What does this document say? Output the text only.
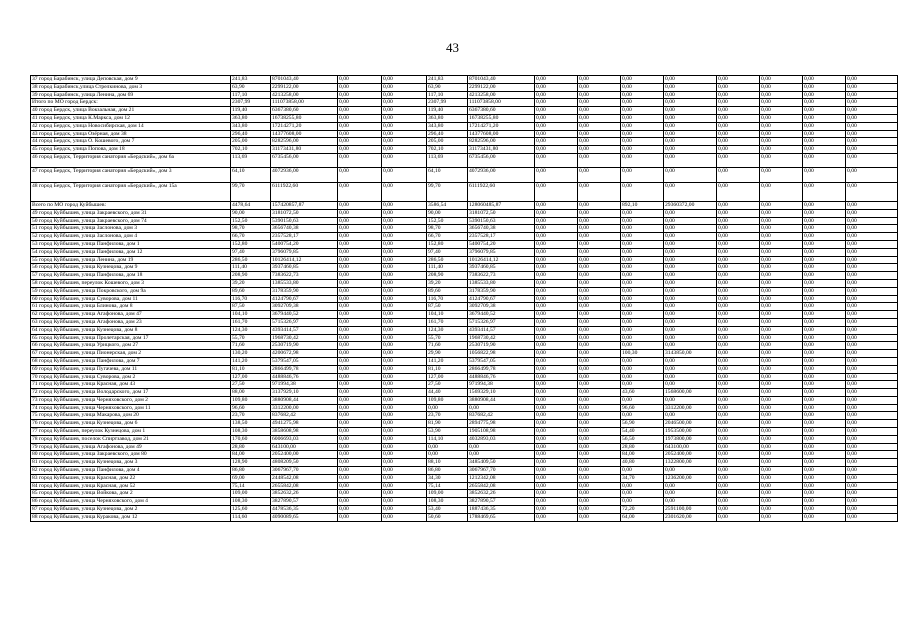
43
37 город Барабинск, улица Деповская, дом 9	241,83	8701043,40	0,00	0,00	241,83	8701043,40	0,00	0,00	0,00	0,00	0,00	0,00	0,00	0,00
38 город Барабинск,улица Стрелкинова, дом 3	63,90	2299122,00	0,00	0,00	63,90	2299122,00	0,00	0,00	0,00	0,00	0,00	0,00	0,00	0,00
39 город Барабинск, улица Ленина, дом 69	117,10	4213258,00	0,00	0,00	117,10	4213258,00	0,00	0,00	0,00	0,00	0,00	0,00	0,00	0,00
Итого по МО город Бердск:	2307,99	111073858,00	0,00	0,00	2307,99	111073858,00	0,00	0,00	0,00	0,00	0,00	0,00	0,00	0,00
40 город Бердск, улица Вокзальная, дом 21	119,40	6367380,60	0,00	0,00	119,40	6367380,60	0,00	0,00	0,00	0,00	0,00	0,00	0,00	0,00
41 город Бердск, улица К.Маркса, дом 12	363,80	16738255,80	0,00	0,00	363,80	16738255,80	0,00	0,00	0,00	0,00	0,00	0,00	0,00	0,00
42 город Бердск, улица Новосибирская, дом 14	343,80	17214271,20	0,00	0,00	343,80	17214271,20	0,00	0,00	0,00	0,00	0,00	0,00	0,00	0,00
43 город Бердск, улица Озёрная, дом 38	296,40	14377608,00	0,00	0,00	296,40	14377608,00	0,00	0,00	0,00	0,00	0,00	0,00	0,00	0,00
44 город Бердск, улица О. Кошевого, дом 7	205,00	8282596,00	0,00	0,00	205,00	8282596,00	0,00	0,00	0,00	0,00	0,00	0,00	0,00	0,00
45 город Бердск, улица Попова, дом 18	702,10	31173431,80	0,00	0,00	702,10	31173431,80	0,00	0,00	0,00	0,00	0,00	0,00	0,00	0,00
46 город Бердск, Территория санатория «Бердский», дом 6а	113,69	6735456,00	0,00	0,00	113,69	6735456,00	0,00	0,00	0,00	0,00	0,00	0,00	0,00	0,00
47 город Бердск, Территория санатория «Бердский», дом 3	64,10	4072936,00	0,00	0,00	64,10	4072936,00	0,00	0,00	0,00	0,00	0,00	0,00	0,00	0,00
48 город Бердск, Территория санатория «Бердский», дом 15а	99,70	6111922,60	0,00	0,00	99,70	6111922,60	0,00	0,00	0,00	0,00	0,00	0,00	0,00	0,00
Всего по МО город Куйбышев:	4478,64	157420857,87	0,00	0,00	3586,54	128060485,87	0,00	0,00	892,10	29360372,00	0,00	0,00	0,00	0,00
49 город Куйбышев, улица Закраевского, дом 31	90,00	3181072,50	0,00	0,00	90,00	3181072,50	0,00	0,00	0,00	0,00	0,00	0,00	0,00	0,00
50 город Куйбышев, улица Закраевского, дом 74	152,50	5390150,63	0,00	0,00	152,50	5390150,63	0,00	0,00	0,00	0,00	0,00	0,00	0,00	0,00
51 город Куйбышев, улица Заслонова, дом 3	98,70	3656740,38	0,00	0,00	98,70	3656740,38	0,00	0,00	0,00	0,00	0,00	0,00	0,00	0,00
52 город Куйбышев, улица Заслонова, дом 4	66,70	2357528,17	0,00	0,00	66,70	2357528,17	0,00	0,00	0,00	0,00	0,00	0,00	0,00	0,00
53 город Куйбышев, улица Панфилова, дом 1	152,80	5400754,20	0,00	0,00	152,80	5400754,20	0,00	0,00	0,00	0,00	0,00	0,00	0,00	0,00
54 город Куйбышев, улица Панфилова, дом 12	97,40	3796079,85	0,00	0,00	97,40	3796079,85	0,00	0,00	0,00	0,00	0,00	0,00	0,00	0,00
55 город Куйбышев, улица Ленина, дом 19	286,50	10126414,12	0,00	0,00	286,50	10126414,12	0,00	0,00	0,00	0,00	0,00	0,00	0,00	0,00
56 город Куйбышев, улица Кузнецова, дом 9	111,40	3937460,85	0,00	0,00	111,40	3937460,85	0,00	0,00	0,00	0,00	0,00	0,00	0,00	0,00
57 город Куйбышев, улица Панфилова, дом 18	208,90	7383622,73	0,00	0,00	208,90	7383622,73	0,00	0,00	0,00	0,00	0,00	0,00	0,00	0,00
58 город Куйбышев, переулок Кошевого, дом 3	39,20	1385533,80	0,00	0,00	39,20	1385533,80	0,00	0,00	0,00	0,00	0,00	0,00	0,00	0,00
59 город Куйбышев, улица Покровского, дом 9а	89,60	3178359,90	0,00	0,00	89,60	3178359,90	0,00	0,00	0,00	0,00	0,00	0,00	0,00	0,00
60 город Куйбышев, улица Суворова, дом 11	116,70	4124790,67	0,00	0,00	116,70	4124790,67	0,00	0,00	0,00	0,00	0,00	0,00	0,00	0,00
61 город Куйбышев, улица Блинова, дом 8	87,50	3092709,38	0,00	0,00	87,50	3092709,38	0,00	0,00	0,00	0,00	0,00	0,00	0,00	0,00
62 город Куйбышев, улица Агафонова, дом 47	104,10	3679440,52	0,00	0,00	104,10	3679440,52	0,00	0,00	0,00	0,00	0,00	0,00	0,00	0,00
63 город Куйбышев, улица Агафонова, дом 23	161,70	5715326,97	0,00	0,00	161,70	5715326,97	0,00	0,00	0,00	0,00	0,00	0,00	0,00	0,00
64 город Куйбышев, улица Кузнецова, дом 8	124,30	4393414,57	0,00	0,00	124,30	4393414,57	0,00	0,00	0,00	0,00	0,00	0,00	0,00	0,00
65 город Куйбышев, улица Пролетарская, дом 17	55,70	1968730,42	0,00	0,00	55,70	1968730,42	0,00	0,00	0,00	0,00	0,00	0,00	0,00	0,00
66 город Куйбышев, улица Урицкого, дом 27	71,60	2530719,90	0,00	0,00	71,60	2530719,90	0,00	0,00	0,00	0,00	0,00	0,00	0,00	0,00
67 город Куйбышев, улица Пионерская, дом 2	130,20	4200672,98	0,00	0,00	29,90	1056822,98	0,00	0,00	100,30	3143850,00	0,00	0,00	0,00	0,00
68 город Куйбышев, улица Панфилова, дом 7	141,20	5379547,05	0,00	0,00	141,20	5379547,05	0,00	0,00	0,00	0,00	0,00	0,00	0,00	0,00
69 город Куйбышев, улица Пугачева, дом 11	81,10	2866499,78	0,00	0,00	81,10	2866499,78	0,00	0,00	0,00	0,00	0,00	0,00	0,00	0,00
70 город Куйбышев, улица Суворова, дом 2	127,00	4488846,76	0,00	0,00	127,00	4488846,76	0,00	0,00	0,00	0,00	0,00	0,00	0,00	0,00
71 город Куйбышев, улица Красная, дом 43	27,50	971994,38	0,00	0,00	27,50	971994,38	0,00	0,00	0,00	0,00	0,00	0,00	0,00	0,00
72 город Куйбышев, улица Володарского, дом 17	88,00	3137929,10	0,00	0,00	44,40	1569329,10	0,00	0,00	43,60	1568600,00	0,00	0,00	0,00	0,00
73 город Куйбышев, улица Черняховского, дом 2	109,80	3880908,44	0,00	0,00	109,80	3880908,44	0,00	0,00	0,00	0,00	0,00	0,00	0,00	0,00
74 город Куйбышев, улица Черняховского, дом 11	96,60	3312200,00	0,00	0,00	0,00	0,00	0,00	0,00	96,60	3312200,00	0,00	0,00	0,00	0,00
75 город Куйбышев, улица Макарова, дом 20	23,70	837682,42	0,00	0,00	23,70	837682,42	0,00	0,00	0,00	0,00	0,00	0,00	0,00	0,00
76 город Куйбышев, улица Кузнецова, дом 6	138,50	4941275,98	0,00	0,00	81,90	2894775,98	0,00	0,00	56,90	2046500,00	0,00	0,00	0,00	0,00
77 город Куйбышев, переулок Кузнецова, дом 1	108,30	3858608,98	0,00	0,00	53,90	1905108,98	0,00	0,00	54,40	1953500,00	0,00	0,00	0,00	0,00
78 город Куйбышев, поселок Спиртзавод, дом 21	170,60	6006693,03	0,00	0,00	114,10	4032893,03	0,00	0,00	56,50	1973800,00	0,00	0,00	0,00	0,00
79 город Куйбышев, улица Агафонова, дом 49	28,80	643100,00	0,00	0,00	0,00	0,00	0,00	0,00	28,80	643100,00	0,00	0,00	0,00	0,00
80 город Куйбышев, улица Закраевского, дом 80	84,00	2052400,00	0,00	0,00	0,00	0,00	0,00	0,00	84,00	2052400,00	0,00	0,00	0,00	0,00
81 город Куйбышев, улица Кузнецова, дом 3	128,90	4808209,50	0,00	0,00	88,10	3485409,50	0,00	0,00	40,80	1322800,00	0,00	0,00	0,00	0,00
82 город Куйбышев, улица Панфилова, дом 4	86,80	3067967,70	0,00	0,00	86,80	3067967,70	0,00	0,00	0,00	0,00	0,00	0,00	0,00	0,00
83 город Куйбышев, улица Красная, дом 22	69,00	2448542,08	0,00	0,00	34,30	1212342,08	0,00	0,00	34,70	1236200,00	0,00	0,00	0,00	0,00
84 город Куйбышев, улица Красная, дом 52	75,14	2655842,08	0,00	0,00	75,14	2655842,08	0,00	0,00	0,00	0,00	0,00	0,00	0,00	0,00
85 город Куйбышев, улица Войкова, дом 2	109,00	3852632,26	0,00	0,00	109,00	3852632,26	0,00	0,00	0,00	0,00	0,00	0,00	0,00	0,00
86 город Куйбышев, улица Черняховского, дом 4	108,30	3827890,57	0,00	0,00	108,30	3827890,57	0,00	0,00	0,00	0,00	0,00	0,00	0,00	0,00
87 город Куйбышев, улица Кузнецова, дом 2	125,60	4478536,35	0,00	0,00	53,40	1887436,35	0,00	0,00	72,20	2591100,00	0,00	0,00	0,00	0,00
88 город Куйбышев, улица Куракова, дом 12	114,60	4090089,65	0,00	0,00	50,60	1788469,65	0,00	0,00	64,00	2301620,00	0,00	0,00	0,00	0,00
